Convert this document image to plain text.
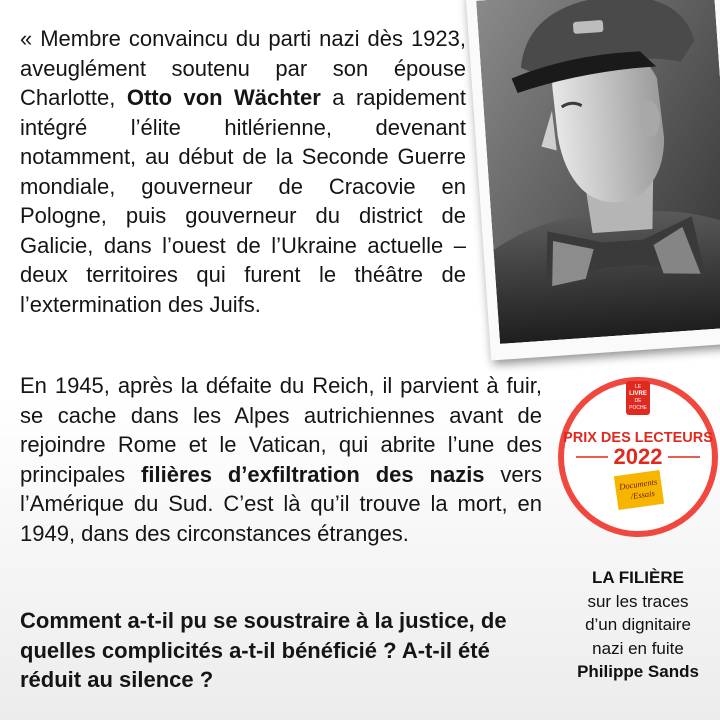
« Membre convaincu du parti nazi dès 1923, aveuglément soutenu par son épouse Charlotte, Otto von Wächter a rapidement intégré l’élite hitlérienne, devenant notamment, au début de la Seconde Guerre mondiale, gouverneur de Cracovie en Pologne, puis gouverneur du district de Galicie, dans l’ouest de l’Ukraine actuelle – deux territoires qui furent le théâtre de l’extermination des Juifs.

En 1945, après la défaite du Reich, il parvient à fuir, se cache dans les Alpes autrichiennes avant de rejoindre Rome et le Vatican, qui abrite l’une des principales filières d’exfiltration des nazis vers l’Amérique du Sud. C’est là qu’il trouve la mort, en 1949, dans des circonstances étranges.

Comment a-t-il pu se soustraire à la justice, de quelles complicités a-t-il bénéficié ? A-t-il été réduit au silence ?

LE
LIVRE
DE
POCHE
PRIX DES LECTEURS
2022
Documents
/Essais
LA FILIÈRE
sur les traces
d’un dignitaire
nazi en fuite
Philippe Sands
